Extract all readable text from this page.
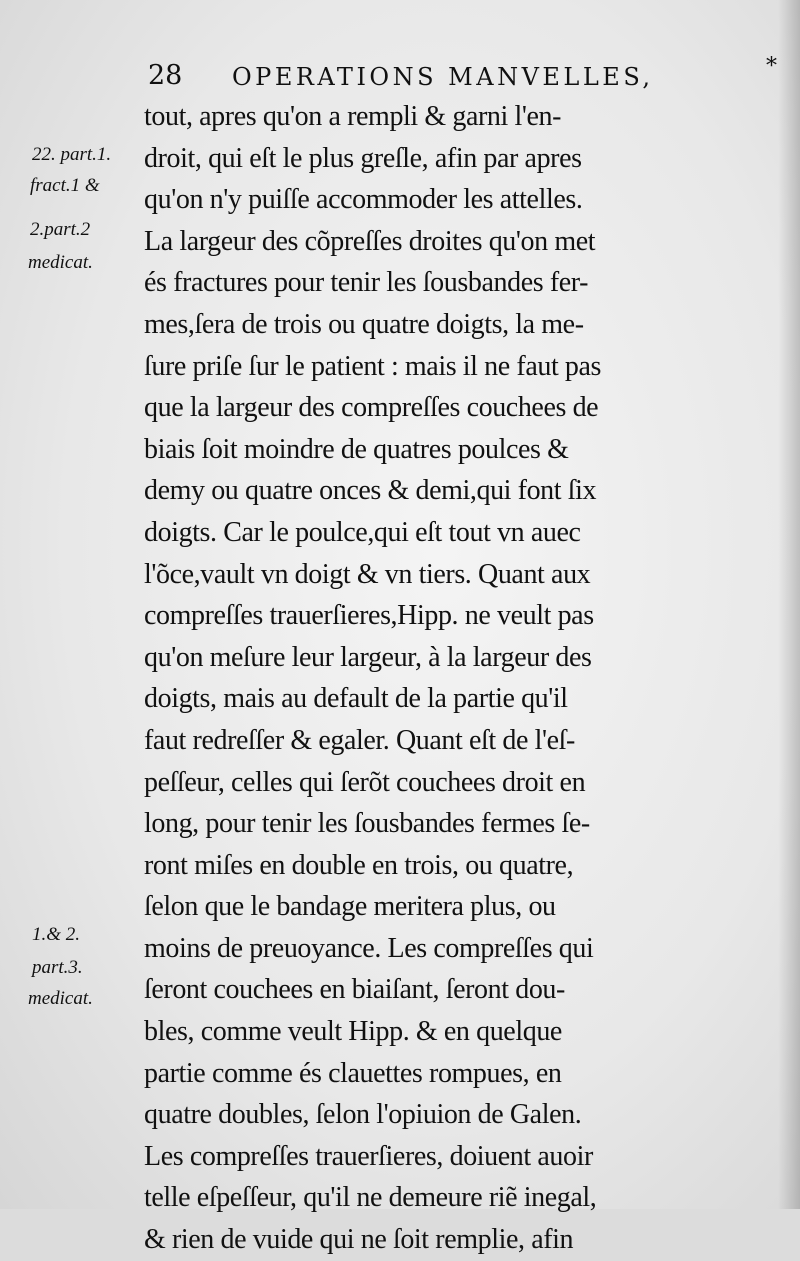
28 OPERATIONS MANVELLES,	*
22. part.1.
fract.1 &
2.part.2
medicat.
1.& 2.
part.3.
medicat.
tout, apres qu'on a rempli & garni l'en-
droit, qui eſt le plus greſle, afin par apres
qu'on n'y puiſſe accommoder les attelles.
La largeur des cõpreſſes droites qu'on met
és fractures pour tenir les ſousbandes fer-
mes,ſera de trois ou quatre doigts, la me-
ſure priſe ſur le patient : mais il ne faut pas
que la largeur des compreſſes couchees de
biais ſoit moindre de quatres poulces &
demy ou quatre onces & demi,qui font ſix
doigts. Car le poulce,qui eſt tout vn auec
l'õce,vault vn doigt & vn tiers. Quant aux
compreſſes trauerſieres,Hipp. ne veult pas
qu'on meſure leur largeur, à la largeur des
doigts, mais au default de la partie qu'il
faut redreſſer & egaler. Quant eſt de l'eſ-
peſſeur, celles qui ſerõt couchees droit en
long, pour tenir les ſousbandes fermes ſe-
ront miſes en double en trois, ou quatre,
ſelon que le bandage meritera plus, ou
moins de preuoyance. Les compreſſes qui
ſeront couchees en biaiſant, ſeront dou-
bles, comme veult Hipp. & en quelque
partie comme és clauettes rompues, en
quatre doubles, ſelon l'opiuion de Galen.
Les compreſſes trauerſieres, doiuent auoir
telle eſpeſſeur, qu'il ne demeure riẽ inegal,
& rien de vuide qui ne ſoit remplie, afin
